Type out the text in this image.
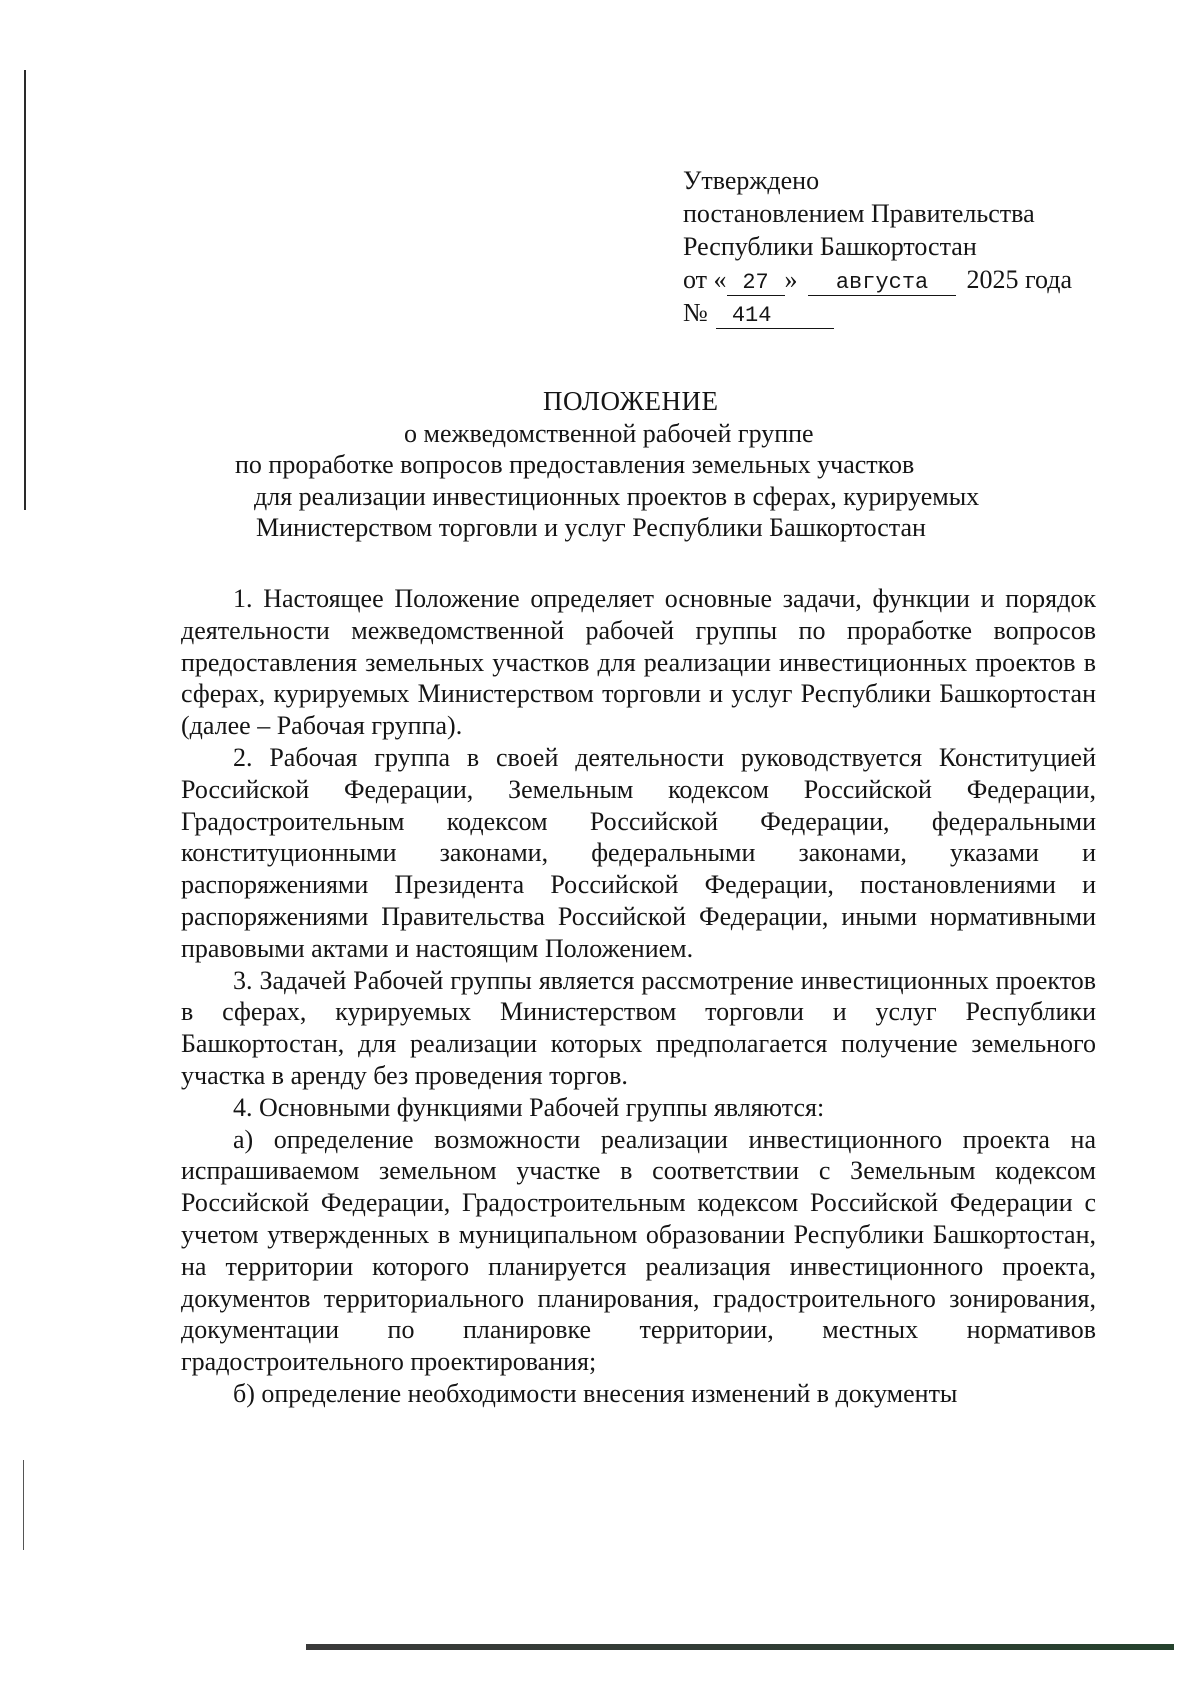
Утверждено
постановлением Правительства
Республики Башкортостан
от « 27 » августа 2025 года
№ 414
ПОЛОЖЕНИЕ
о межведомственной рабочей группе
по проработке вопросов предоставления земельных участков
для реализации инвестиционных проектов в сферах, курируемых
Министерством торговли и услуг Республики Башкортостан

1. Настоящее Положение определяет основные задачи, функции и порядок деятельности межведомственной рабочей группы по проработке вопросов предоставления земельных участков для реализации инвестиционных проектов в сферах, курируемых Министерством торговли и услуг Республики Башкортостан (далее – Рабочая группа).

2. Рабочая группа в своей деятельности руководствуется Конституцией Российской Федерации, Земельным кодексом Российской Федерации, Градостроительным кодексом Российской Федерации, федеральными конституционными законами, федеральными законами, указами и распоряжениями Президента Российской Федерации, постановлениями и распоряжениями Правительства Российской Федерации, иными нормативными правовыми актами и настоящим Положением.

3. Задачей Рабочей группы является рассмотрение инвестиционных проектов в сферах, курируемых Министерством торговли и услуг Республики Башкортостан, для реализации которых предполагается получение земельного участка в аренду без проведения торгов.

4. Основными функциями Рабочей группы являются:

а) определение возможности реализации инвестиционного проекта на испрашиваемом земельном участке в соответствии с Земельным кодексом Российской Федерации, Градостроительным кодексом Российской Федерации с учетом утвержденных в муниципальном образовании Республики Башкортостан, на территории которого планируется реализация инвестиционного проекта, документов территориального планирования, градостроительного зонирования, документации по планировке территории, местных нормативов градостроительного проектирования;

б) определение необходимости внесения изменений в документы
